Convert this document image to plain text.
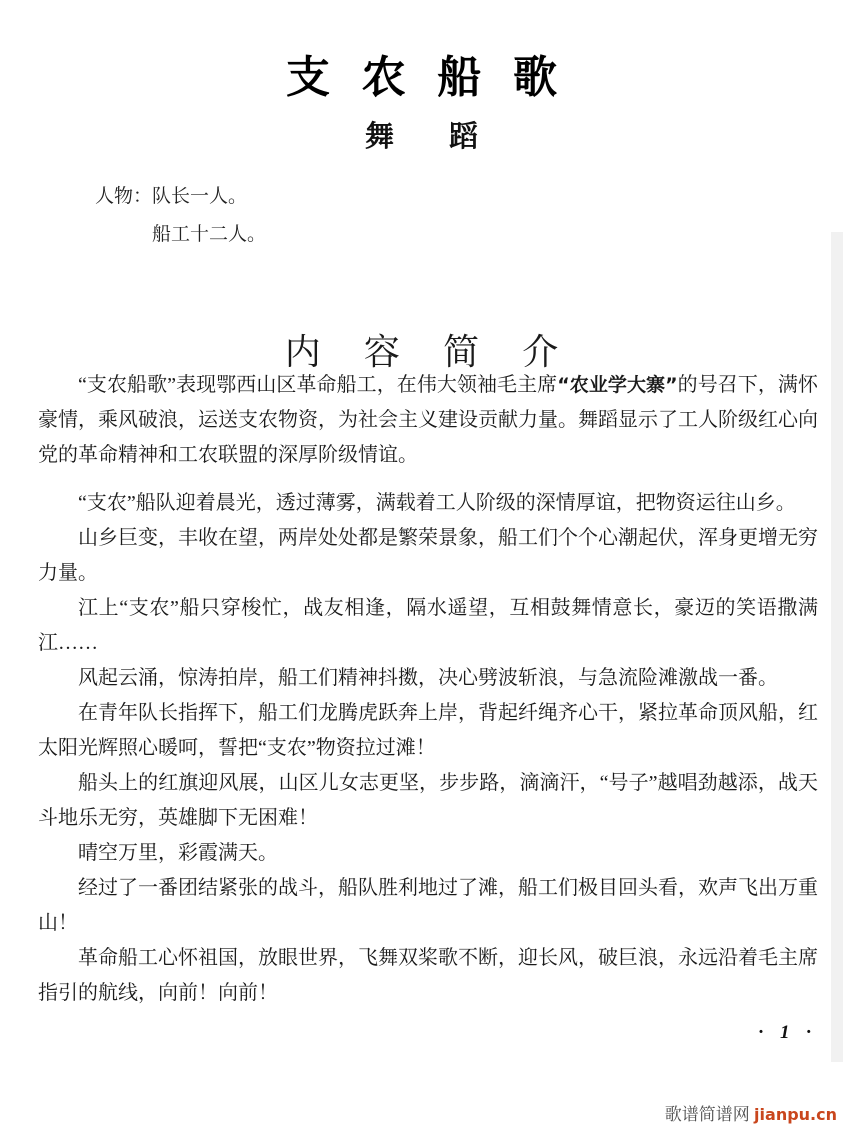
支农船歌
舞蹈
人物：队长一人。
船工十二人。
内容简介

“支农船歌”表现鄂西山区革命船工，在伟大领袖毛主席“农业学大寨”的号召下，满怀豪情，乘风破浪，运送支农物资，为社会主义建设贡献力量。舞蹈显示了工人阶级红心向党的革命精神和工农联盟的深厚阶级情谊。

“支农”船队迎着晨光，透过薄雾，满载着工人阶级的深情厚谊，把物资运往山乡。

山乡巨变，丰收在望，两岸处处都是繁荣景象，船工们个个心潮起伏，浑身更增无穷力量。

江上“支农”船只穿梭忙，战友相逢，隔水遥望，互相鼓舞情意长，豪迈的笑语撒满江……

风起云涌，惊涛拍岸，船工们精神抖擞，决心劈波斩浪，与急流险滩激战一番。

在青年队长指挥下，船工们龙腾虎跃奔上岸，背起纤绳齐心干，紧拉革命顶风船，红太阳光辉照心暖呵，誓把“支农”物资拉过滩！

船头上的红旗迎风展，山区儿女志更坚，步步路，滴滴汗，“号子”越唱劲越添，战天斗地乐无穷，英雄脚下无困难！

晴空万里，彩霞满天。

经过了一番团结紧张的战斗，船队胜利地过了滩，船工们极目回头看，欢声飞出万重山！

革命船工心怀祖国，放眼世界，飞舞双桨歌不断，迎长风，破巨浪，永远沿着毛主席指引的航线，向前！向前！

· 1 ·
歌谱简谱网 jianpu.cn
